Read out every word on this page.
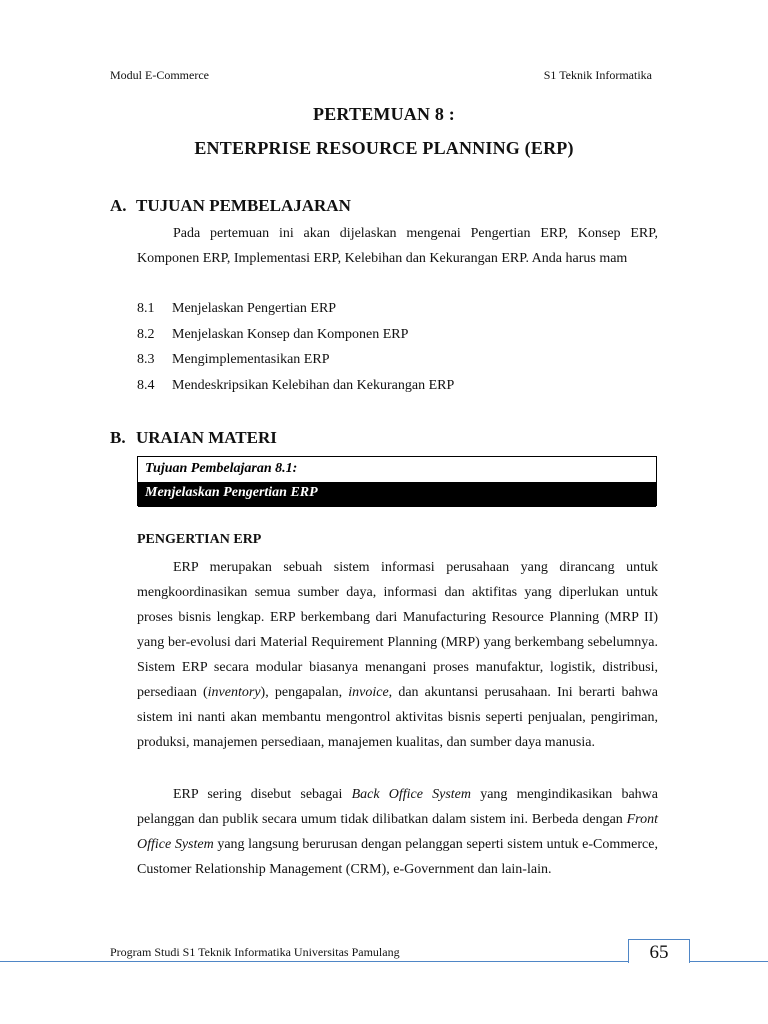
Modul E-Commerce	S1 Teknik Informatika
PERTEMUAN 8 :
ENTERPRISE RESOURCE PLANNING (ERP)
A. TUJUAN PEMBELAJARAN
Pada pertemuan ini akan dijelaskan mengenai Pengertian ERP, Konsep ERP, Komponen ERP, Implementasi ERP, Kelebihan dan Kekurangan ERP. Anda harus mam
8.1 Menjelaskan Pengertian ERP
8.2 Menjelaskan Konsep dan Komponen ERP
8.3 Mengimplementasikan ERP
8.4 Mendeskripsikan Kelebihan dan Kekurangan ERP
B. URAIAN MATERI
Tujuan Pembelajaran 8.1:
Menjelaskan Pengertian ERP
PENGERTIAN ERP
ERP merupakan sebuah sistem informasi perusahaan yang dirancang untuk mengkoordinasikan semua sumber daya, informasi dan aktifitas yang diperlukan untuk proses bisnis lengkap. ERP berkembang dari Manufacturing Resource Planning (MRP II) yang ber-evolusi dari Material Requirement Planning (MRP) yang berkembang sebelumnya. Sistem ERP secara modular biasanya menangani proses manufaktur, logistik, distribusi, persediaan (inventory), pengapalan, invoice, dan akuntansi perusahaan. Ini berarti bahwa sistem ini nanti akan membantu mengontrol aktivitas bisnis seperti penjualan, pengiriman, produksi, manajemen persediaan, manajemen kualitas, dan sumber daya manusia.
ERP sering disebut sebagai Back Office System yang mengindikasikan bahwa pelanggan dan publik secara umum tidak dilibatkan dalam sistem ini. Berbeda dengan Front Office System yang langsung berurusan dengan pelanggan seperti sistem untuk e-Commerce, Customer Relationship Management (CRM), e-Government dan lain-lain.
Program Studi S1 Teknik Informatika Universitas Pamulang	65
